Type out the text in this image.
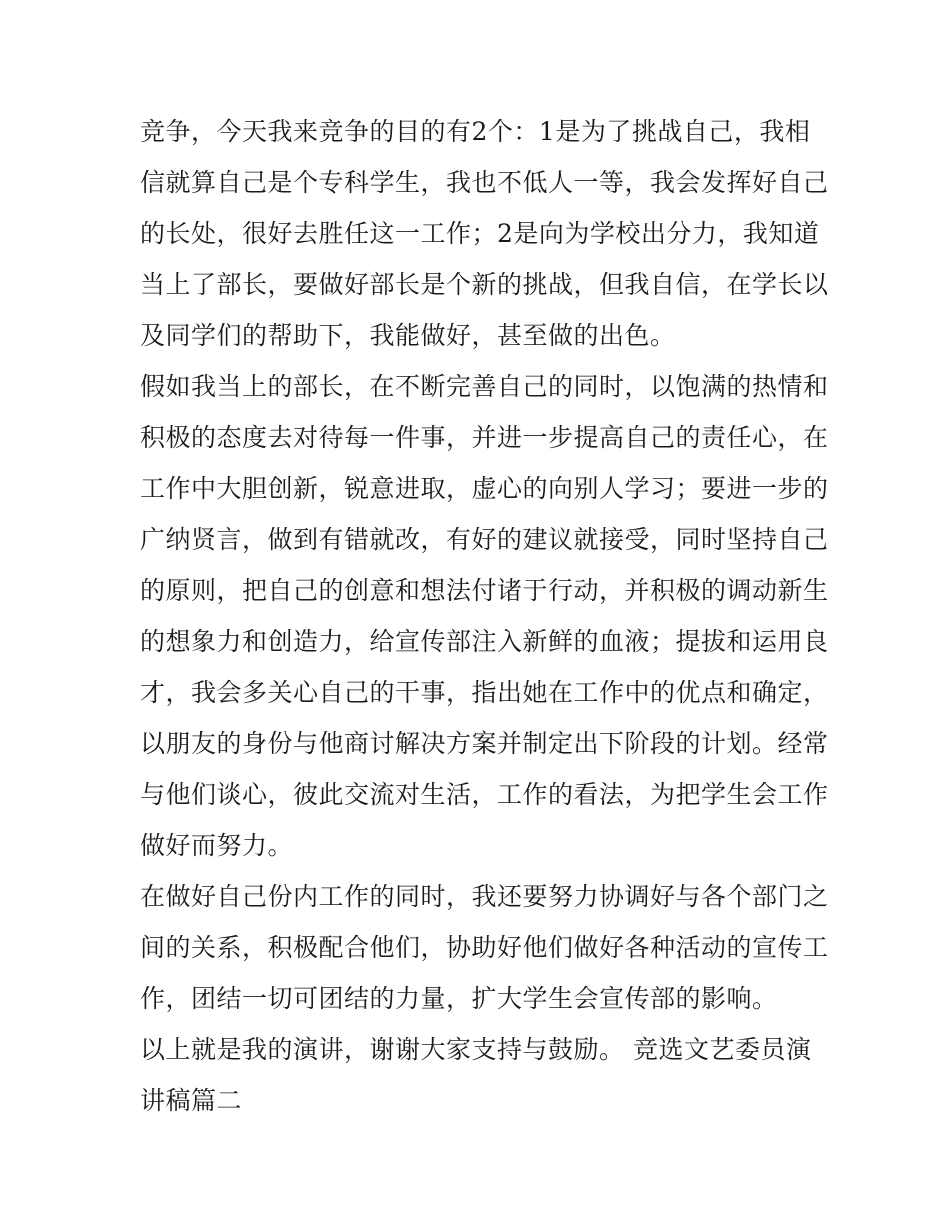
竞争，今天我来竞争的目的有2个：1是为了挑战自己，我相
信就算自己是个专科学生，我也不低人一等，我会发挥好自己
的长处，很好去胜任这一工作；2是向为学校出分力，我知道
当上了部长，要做好部长是个新的挑战，但我自信，在学长以
及同学们的帮助下，我能做好，甚至做的出色。
假如我当上的部长，在不断完善自己的同时，以饱满的热情和
积极的态度去对待每一件事，并进一步提高自己的责任心，在
工作中大胆创新，锐意进取，虚心的向别人学习；要进一步的
广纳贤言，做到有错就改，有好的建议就接受，同时坚持自己
的原则，把自己的创意和想法付诸于行动，并积极的调动新生
的想象力和创造力，给宣传部注入新鲜的血液；提拔和运用良
才，我会多关心自己的干事，指出她在工作中的优点和确定，
以朋友的身份与他商讨解决方案并制定出下阶段的计划。经常
与他们谈心，彼此交流对生活，工作的看法，为把学生会工作
做好而努力。
在做好自己份内工作的同时，我还要努力协调好与各个部门之
间的关系，积极配合他们，协助好他们做好各种活动的宣传工
作，团结一切可团结的力量，扩大学生会宣传部的影响。
以上就是我的演讲，谢谢大家支持与鼓励。 竞选文艺委员演
讲稿篇二
